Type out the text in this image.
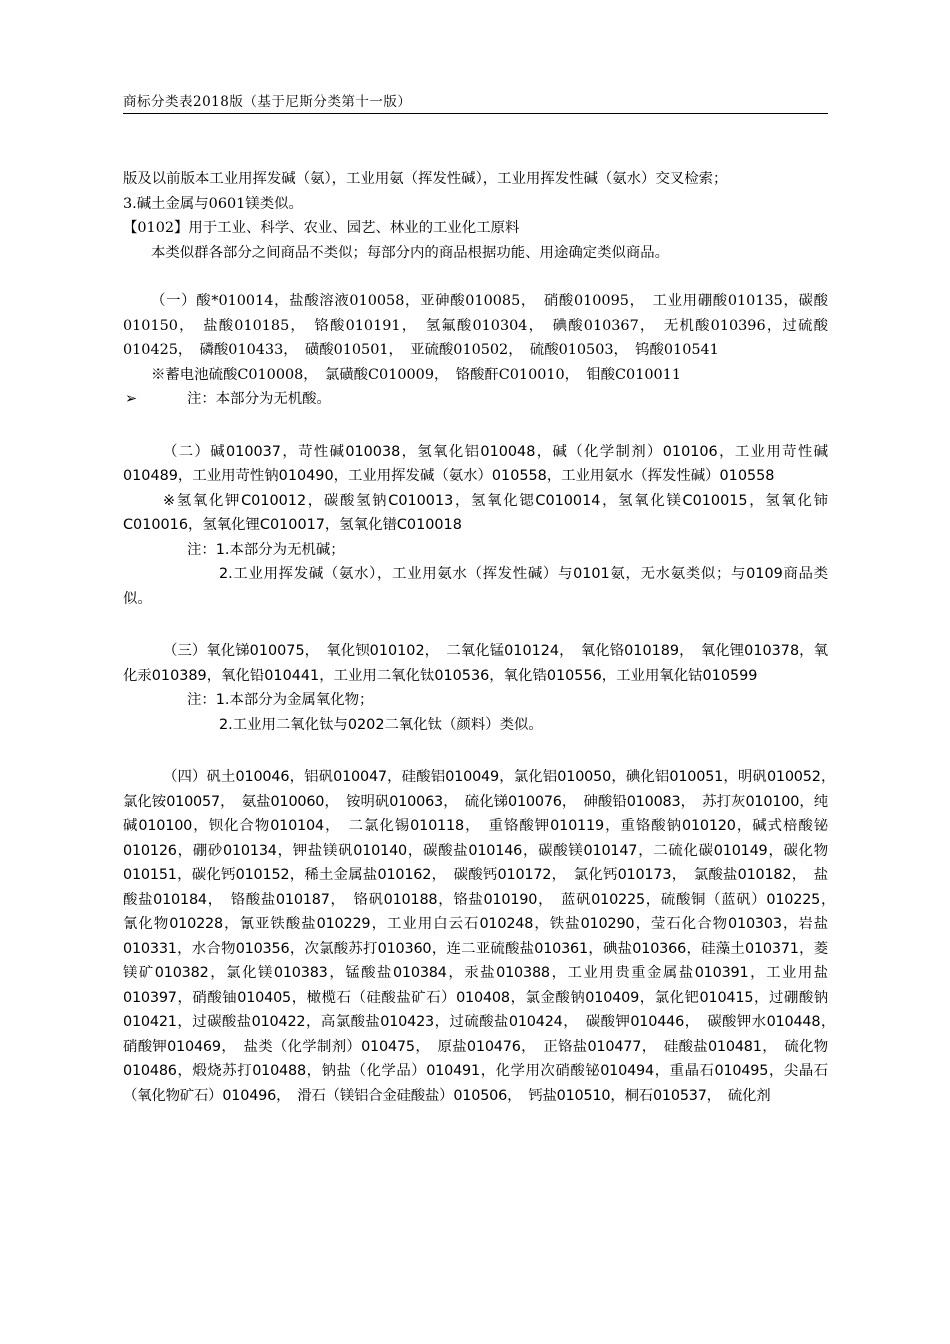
商标分类表2018版（基于尼斯分类第十一版）

版及以前版本工业用挥发碱（氨），工业用氨（挥发性碱），工业用挥发性碱（氨水）交叉检索；

3.碱土金属与0601镁类似。

【0102】用于工业、科学、农业、园艺、林业的工业化工原料

本类似群各部分之间商品不类似；每部分内的商品根据功能、用途确定类似商品。

（一）酸*010014，盐酸溶液010058，亚砷酸010085，　硝酸010095，　工业用硼酸010135，碳酸010150，　盐酸010185，　铬酸010191，　氢氟酸010304，　碘酸010367，　无机酸010396，过硫酸010425，　磷酸010433，　磺酸010501，　亚硫酸010502，　硫酸010503，　钨酸010541

※蓄电池硫酸C010008，　氯磺酸C010009，　铬酸酐C010010，　钼酸C010011

➢	注：本部分为无机酸。

（二）碱010037，苛性碱010038，氢氧化铝010048，碱（化学制剂）010106，工业用苛性碱010489，工业用苛性钠010490，工业用挥发碱（氨水）010558，工业用氨水（挥发性碱）010558

※氢氧化钾C010012，碳酸氢钠C010013，氢氧化锶C010014，氢氧化镁C010015，氢氧化铈C010016，氢氧化锂C010017，氢氧化镨C010018

注：1.本部分为无机碱；

2.工业用挥发碱（氨水），工业用氨水（挥发性碱）与0101氨，无水氨类似；与0109商品类似。

（三）氧化锑010075，　氧化钡010102，　二氧化锰010124，　氧化铬010189，　氧化锂010378，氧化汞010389，氧化铅010441，工业用二氧化钛010536，氧化锆010556，工业用氧化钴010599

注：1.本部分为金属氧化物；

2.工业用二氧化钛与0202二氧化钛（颜料）类似。

（四）矾土010046，铝矾010047，硅酸铝010049，氯化铝010050，碘化铝010051，明矾010052，　氯化铵010057，　氨盐010060，　铵明矾010063，　硫化锑010076，　砷酸铅010083，　苏打灰010100，纯碱010100，钡化合物010104，　二氯化锡010118，　重铬酸钾010119，重铬酸钠010120，碱式棓酸铋010126，硼砂010134，钾盐镁矾010140，碳酸盐010146，碳酸镁010147，二硫化碳010149，碳化物010151，碳化钙010152，稀土金属盐010162，　碳酸钙010172，　氯化钙010173，　氯酸盐010182，　盐酸盐010184，　铬酸盐010187，　铬矾010188，铬盐010190，　蓝矾010225，硫酸铜（蓝矾）010225，　氰化物010228，氰亚铁酸盐010229，工业用白云石010248，铁盐010290，莹石化合物010303，岩盐010331，水合物010356，次氯酸苏打010360，连二亚硫酸盐010361，碘盐010366，硅藻土010371，菱镁矿010382，氯化镁010383，锰酸盐010384，汞盐010388，工业用贵重金属盐010391，工业用盐010397，硝酸铀010405，橄榄石（硅酸盐矿石）010408，氯金酸钠010409，氯化钯010415，过硼酸钠010421，过碳酸盐010422，高氯酸盐010423，过硫酸盐010424，　碳酸钾010446，　碳酸钾水010448，　硝酸钾010469，　盐类（化学制剂）010475，　原盐010476，　正铬盐010477，　硅酸盐010481，　硫化物010486，煅烧苏打010488，钠盐（化学品）010491，化学用次硝酸铋010494，重晶石010495，尖晶石（氧化物矿石）010496，　滑石（镁铝合金硅酸盐）010506，　钙盐010510，桐石010537，　硫化剂
